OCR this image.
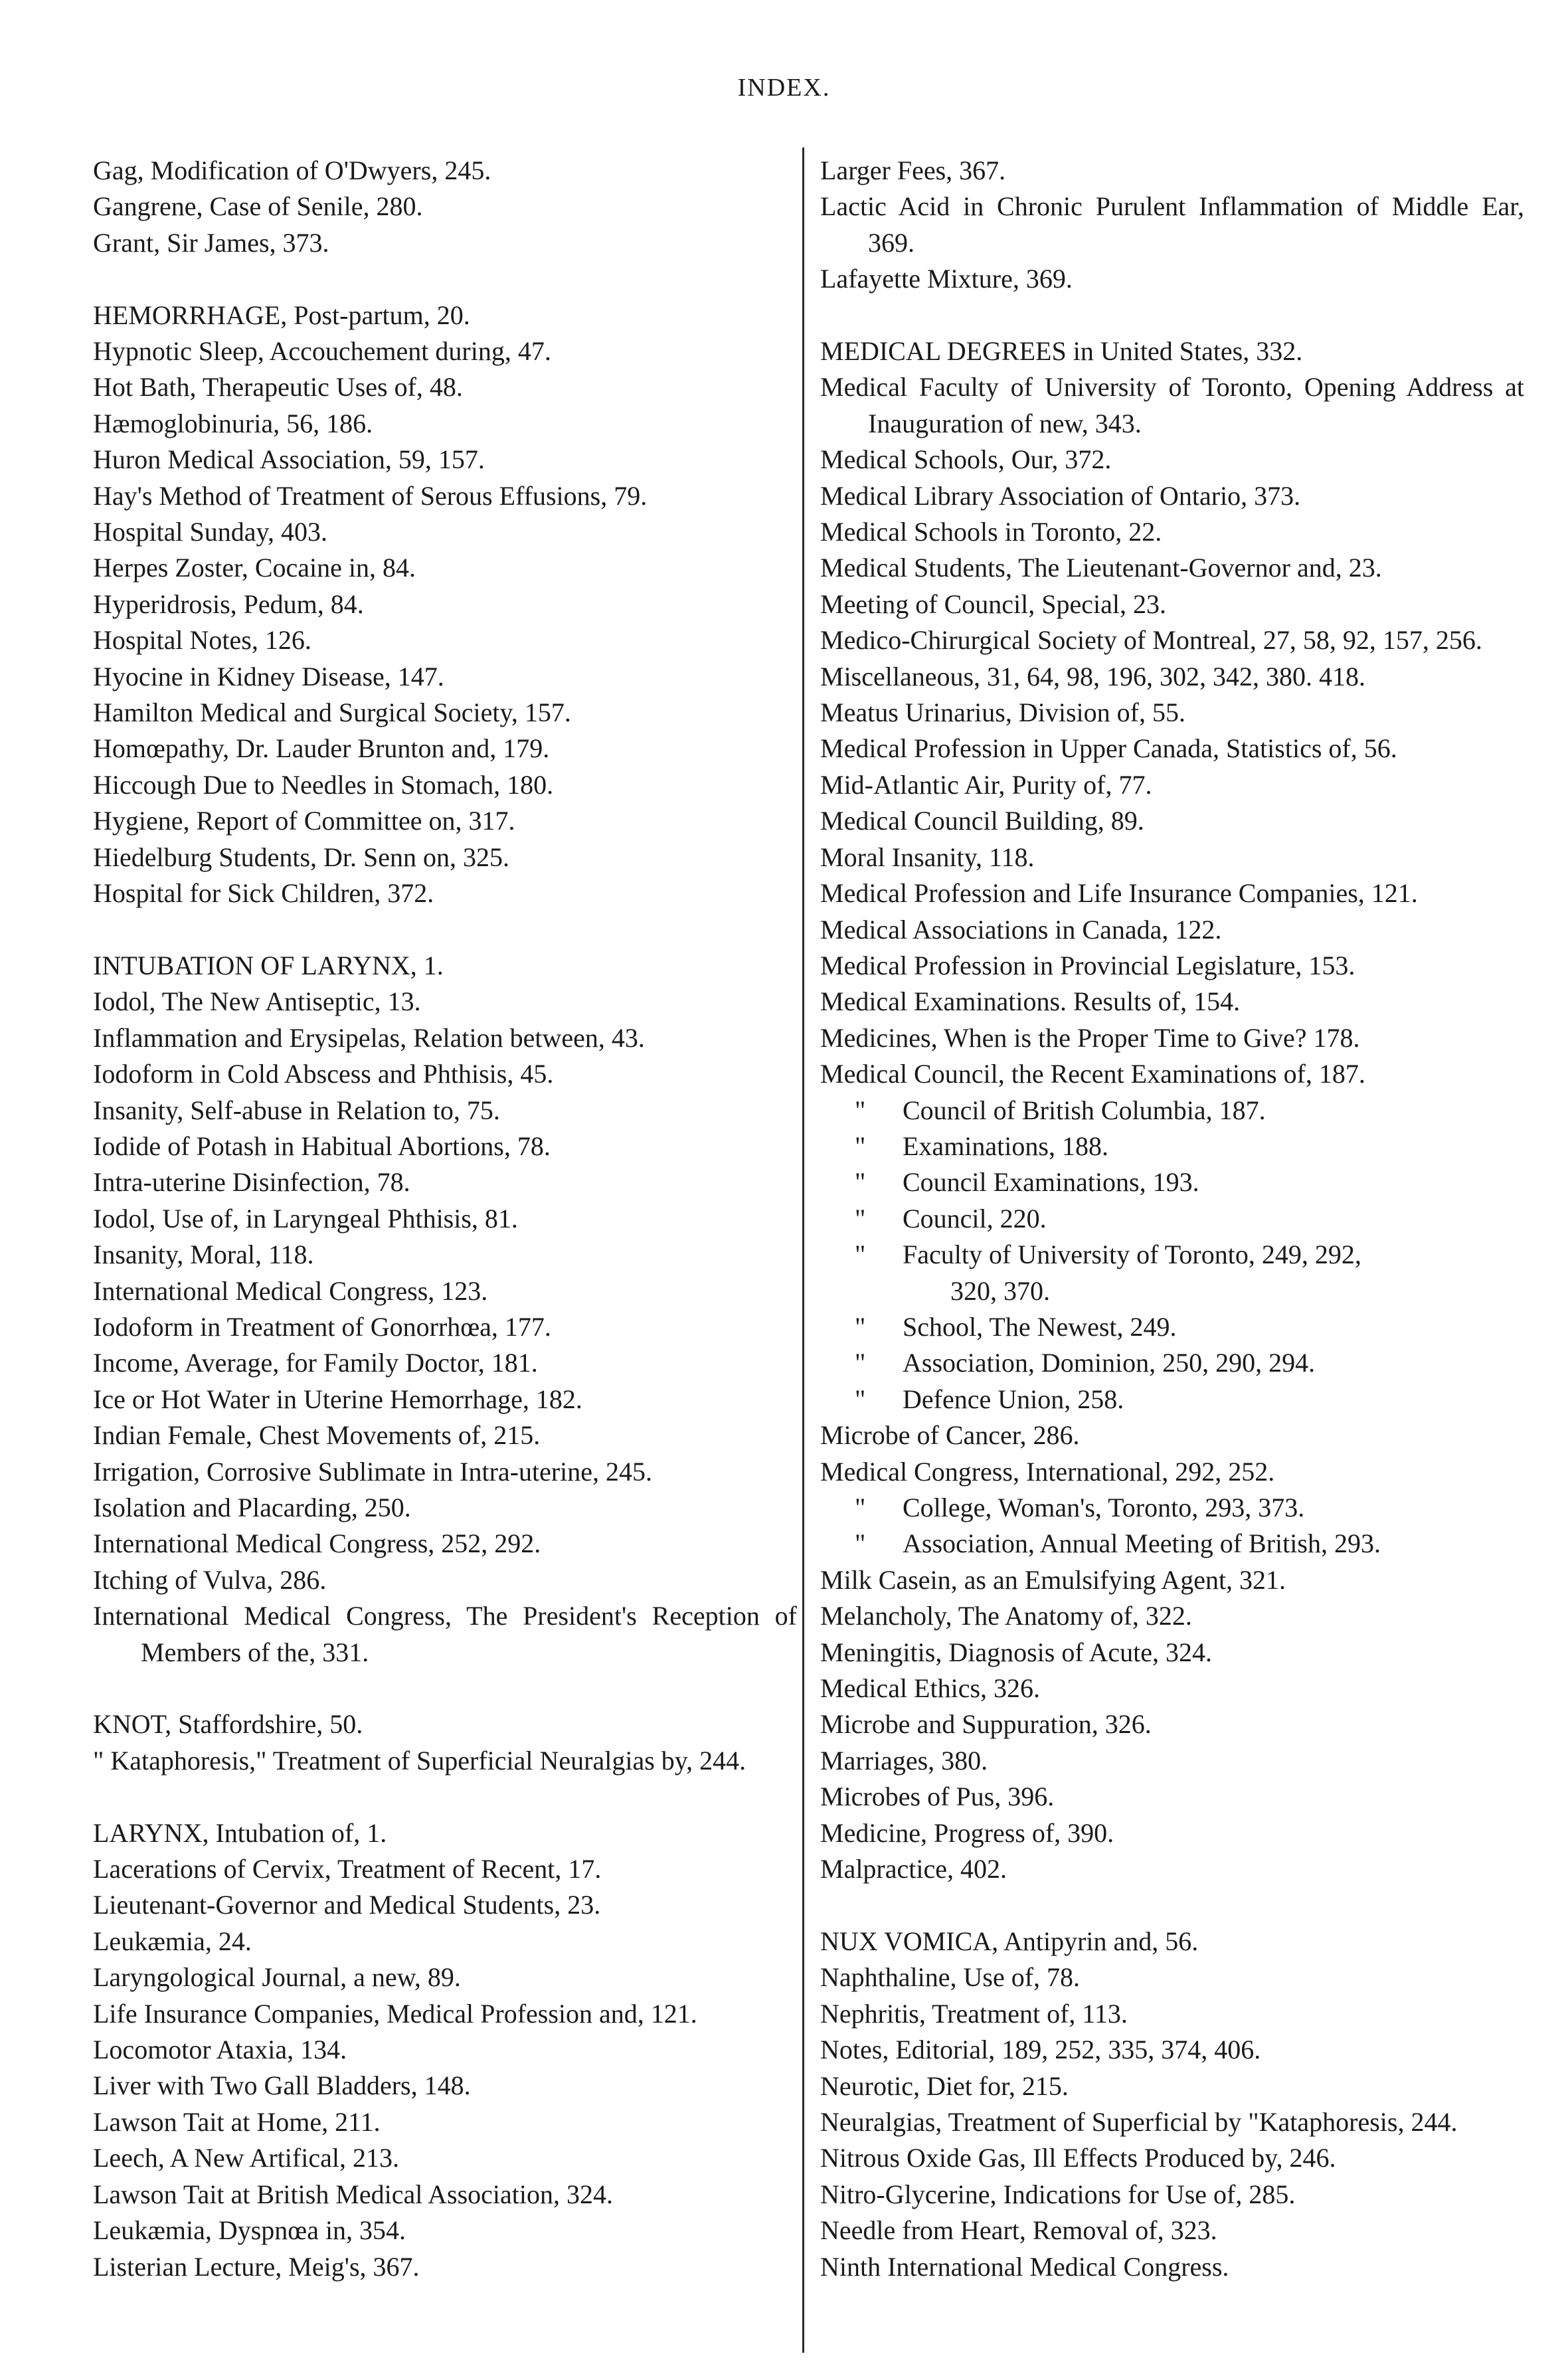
INDEX.
Gag, Modification of O'Dwyers, 245.
Gangrene, Case of Senile, 280.
Grant, Sir James, 373.
HEMORRHAGE, Post-partum, 20.
Hypnotic Sleep, Accouchement during, 47.
Hot Bath, Therapeutic Uses of, 48.
Hæmoglobinuria, 56, 186.
Huron Medical Association, 59, 157.
Hay's Method of Treatment of Serous Effusions, 79.
Hospital Sunday, 403.
Herpes Zoster, Cocaine in, 84.
Hyperidrosis, Pedum, 84.
Hospital Notes, 126.
Hyocine in Kidney Disease, 147.
Hamilton Medical and Surgical Society, 157.
Homœpathy, Dr. Lauder Brunton and, 179.
Hiccough Due to Needles in Stomach, 180.
Hygiene, Report of Committee on, 317.
Hiedelburg Students, Dr. Senn on, 325.
Hospital for Sick Children, 372.
INTUBATION OF LARYNX, 1.
Iodol, The New Antiseptic, 13.
Inflammation and Erysipelas, Relation between, 43.
Iodoform in Cold Abscess and Phthisis, 45.
Insanity, Self-abuse in Relation to, 75.
Iodide of Potash in Habitual Abortions, 78.
Intra-uterine Disinfection, 78.
Iodol, Use of, in Laryngeal Phthisis, 81.
Insanity, Moral, 118.
International Medical Congress, 123.
Iodoform in Treatment of Gonorrhœa, 177.
Income, Average, for Family Doctor, 181.
Ice or Hot Water in Uterine Hemorrhage, 182.
Indian Female, Chest Movements of, 215.
Irrigation, Corrosive Sublimate in Intra-uterine, 245.
Isolation and Placarding, 250.
International Medical Congress, 252, 292.
Itching of Vulva, 286.
International Medical Congress, The President's Reception of Members of the, 331.
KNOT, Staffordshire, 50.
" Kataphoresis," Treatment of Superficial Neuralgias by, 244.
LARYNX, Intubation of, 1.
Lacerations of Cervix, Treatment of Recent, 17.
Lieutenant-Governor and Medical Students, 23.
Leukæmia, 24.
Laryngological Journal, a new, 89.
Life Insurance Companies, Medical Profession and, 121.
Locomotor Ataxia, 134.
Liver with Two Gall Bladders, 148.
Lawson Tait at Home, 211.
Leech, A New Artifical, 213.
Lawson Tait at British Medical Association, 324.
Leukæmia, Dyspnœa in, 354.
Listerian Lecture, Meig's, 367.
Larger Fees, 367.
Lactic Acid in Chronic Purulent Inflammation of Middle Ear, 369.
Lafayette Mixture, 369.
MEDICAL DEGREES in United States, 332.
Medical Faculty of University of Toronto, Opening Address at Inauguration of new, 343.
Medical Schools, Our, 372.
Medical Library Association of Ontario, 373.
Medical Schools in Toronto, 22.
Medical Students, The Lieutenant-Governor and, 23.
Meeting of Council, Special, 23.
Medico-Chirurgical Society of Montreal, 27, 58, 92, 157, 256.
Miscellaneous, 31, 64, 98, 196, 302, 342, 380. 418.
Meatus Urinarius, Division of, 55.
Medical Profession in Upper Canada, Statistics of, 56.
Mid-Atlantic Air, Purity of, 77.
Medical Council Building, 89.
Moral Insanity, 118.
Medical Profession and Life Insurance Companies, 121.
Medical Associations in Canada, 122.
Medical Profession in Provincial Legislature, 153.
Medical Examinations. Results of, 154.
Medicines, When is the Proper Time to Give? 178.
Medical Council, the Recent Examinations of, 187.
" Council of British Columbia, 187.
" Examinations, 188.
" Council Examinations, 193.
" Council, 220.
" Faculty of University of Toronto, 249, 292,
320, 370.
" School, The Newest, 249.
" Association, Dominion, 250, 290, 294.
" Defence Union, 258.
Microbe of Cancer, 286.
Medical Congress, International, 292, 252.
" College, Woman's, Toronto, 293, 373.
" Association, Annual Meeting of British, 293.
Milk Casein, as an Emulsifying Agent, 321.
Melancholy, The Anatomy of, 322.
Meningitis, Diagnosis of Acute, 324.
Medical Ethics, 326.
Microbe and Suppuration, 326.
Marriages, 380.
Microbes of Pus, 396.
Medicine, Progress of, 390.
Malpractice, 402.
NUX VOMICA, Antipyrin and, 56.
Naphthaline, Use of, 78.
Nephritis, Treatment of, 113.
Notes, Editorial, 189, 252, 335, 374, 406.
Neurotic, Diet for, 215.
Neuralgias, Treatment of Superficial by "Kataphoresis, 244.
Nitrous Oxide Gas, Ill Effects Produced by, 246.
Nitro-Glycerine, Indications for Use of, 285.
Needle from Heart, Removal of, 323.
Ninth International Medical Congress.
